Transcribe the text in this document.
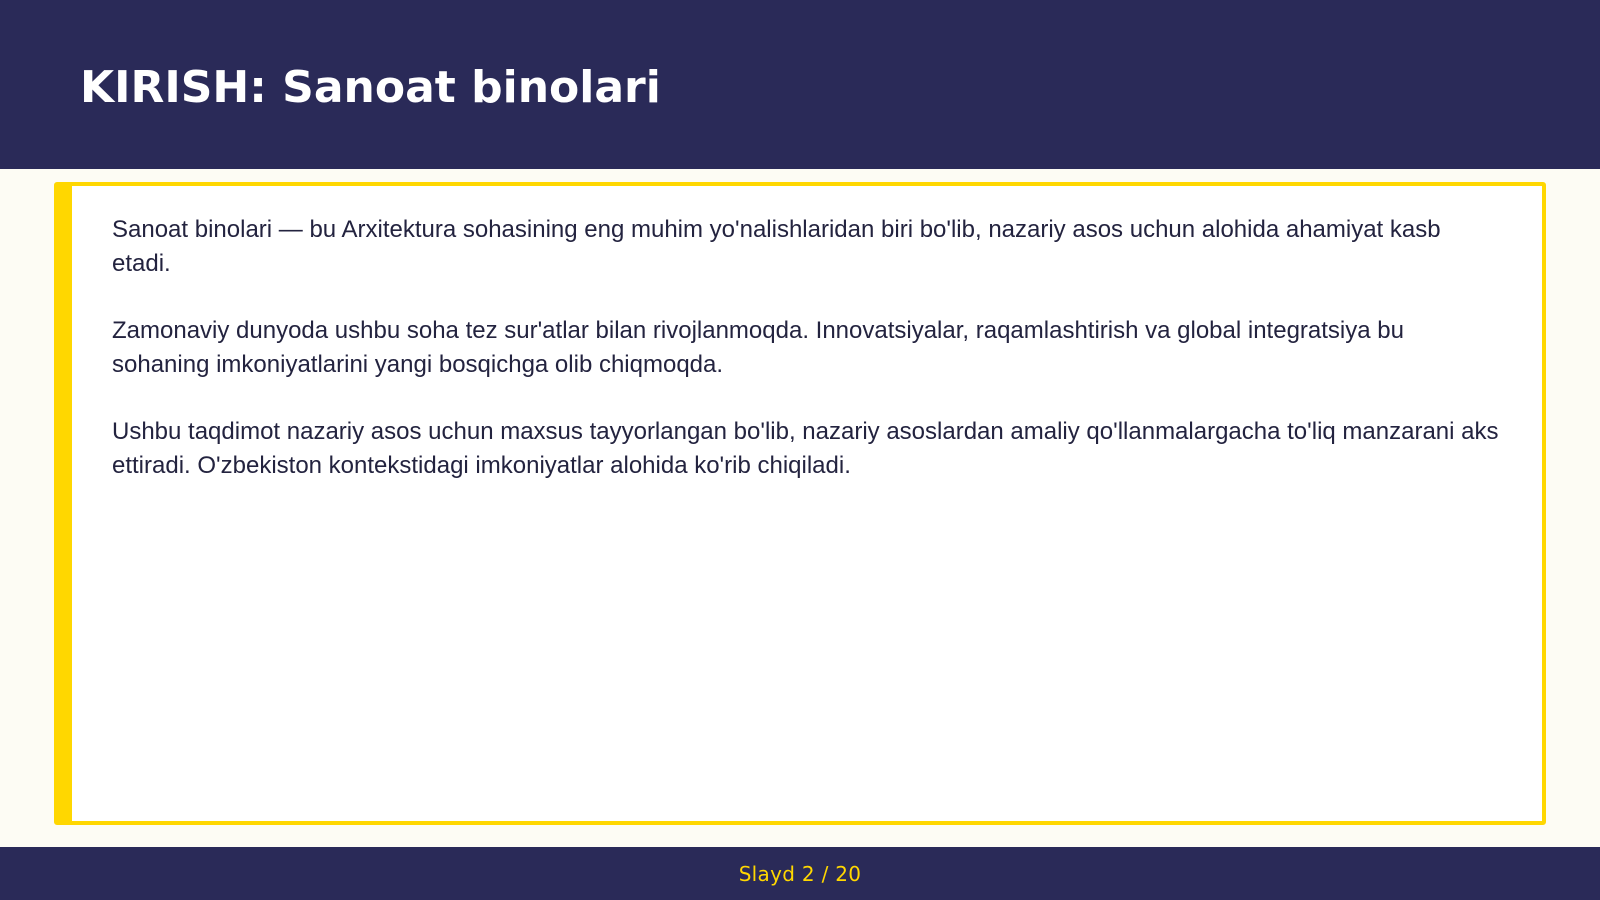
KIRISH: Sanoat binolari

Sanoat binolari — bu Arxitektura sohasining eng muhim yo'nalishlaridan biri bo'lib, nazariy asos uchun alohida ahamiyat kasb etadi.

Zamonaviy dunyoda ushbu soha tez sur'atlar bilan rivojlanmoqda. Innovatsiyalar, raqamlashtirish va global integratsiya bu sohaning imkoniyatlarini yangi bosqichga olib chiqmoqda.

Ushbu taqdimot nazariy asos uchun maxsus tayyorlangan bo'lib, nazariy asoslardan amaliy qo'llanmalargacha to'liq manzarani aks ettiradi. O'zbekiston kontekstidagi imkoniyatlar alohida ko'rib chiqiladi.

Slayd 2 / 20
